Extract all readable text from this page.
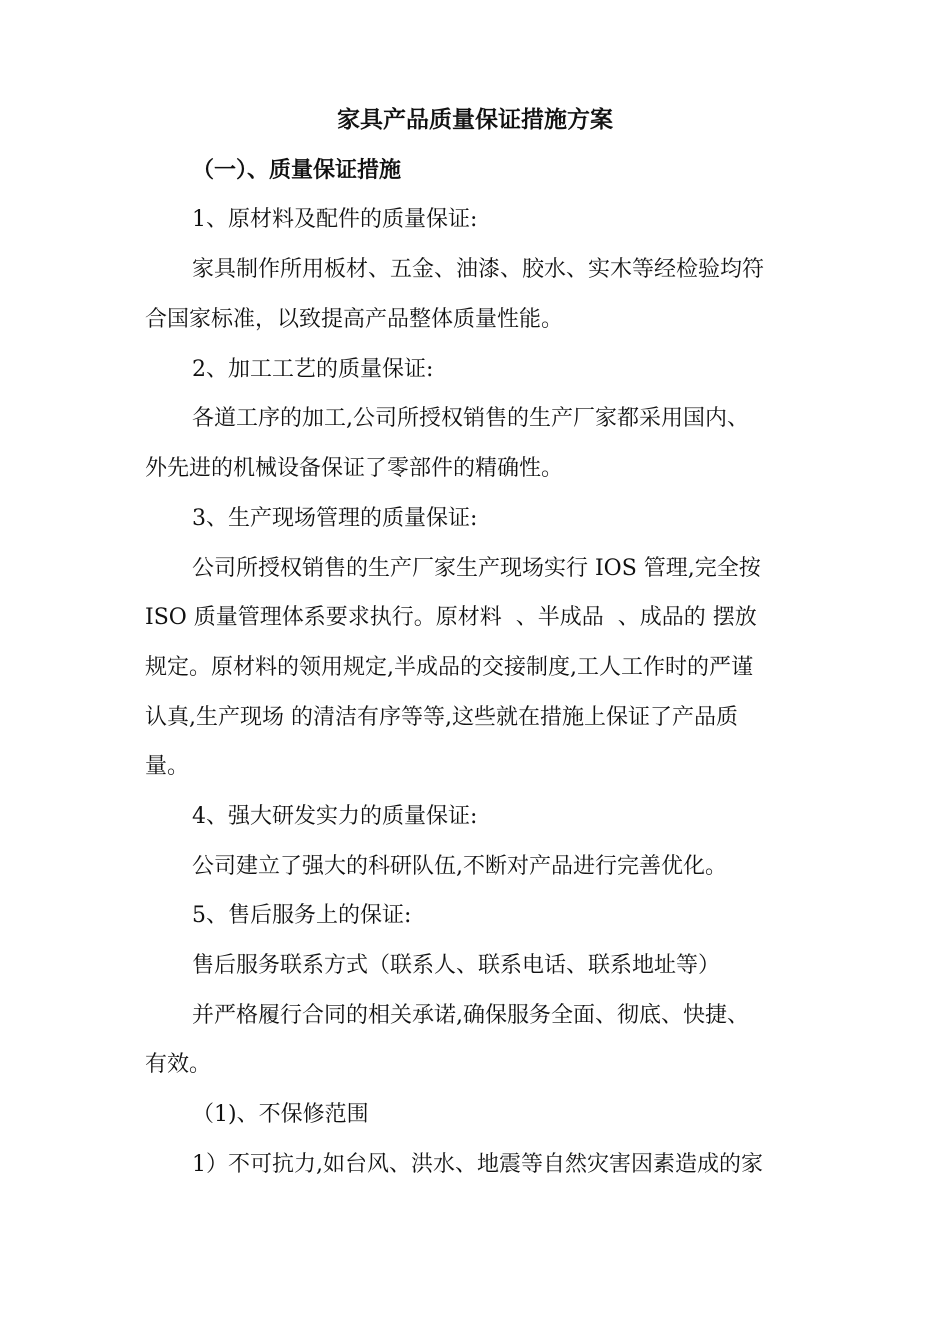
家具产品质量保证措施方案
（一）、质量保证措施
1、原材料及配件的质量保证:
家具制作所用板材、五金、油漆、胶水、实木等经检验均符
合国家标准，以致提高产品整体质量性能。
2、加工工艺的质量保证:
各道工序的加工,公司所授权销售的生产厂家都采用国内、
外先进的机械设备保证了零部件的精确性。
3、生产现场管理的质量保证:
公司所授权销售的生产厂家生产现场实行 IOS 管理,完全按
ISO 质量管理体系要求执行。原材料  、半成品  、成品的 摆放
规定。原材料的领用规定,半成品的交接制度,工人工作时的严谨
认真,生产现场 的清洁有序等等,这些就在措施上保证了产品质
量。
4、强大研发实力的质量保证:
公司建立了强大的科研队伍,不断对产品进行完善优化。
5、售后服务上的保证:
售后服务联系方式（联系人、联系电话、联系地址等）
并严格履行合同的相关承诺,确保服务全面、彻底、快捷、
有效。
（1)、不保修范围
1）不可抗力,如台风、洪水、地震等自然灾害因素造成的家
